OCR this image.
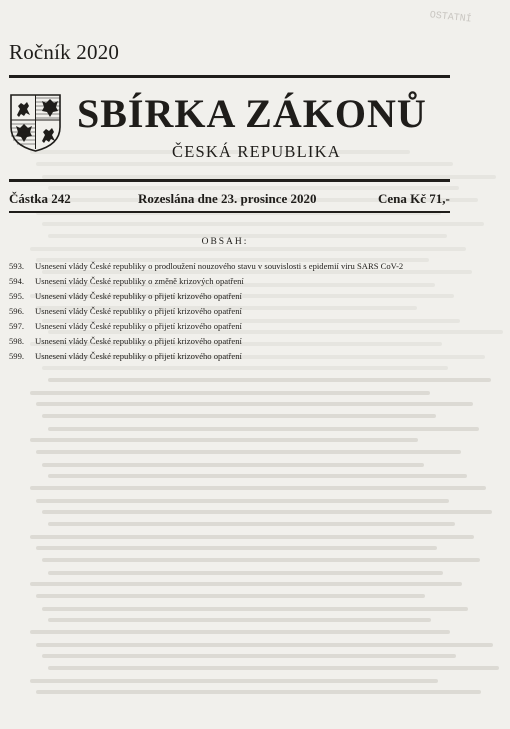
OSTATNÍ
Ročník 2020
SBÍRKA ZÁKONŮ
ČESKÁ REPUBLIKA
Částka 242	Rozeslána dne 23. prosince 2020	Cena Kč 71,-
OBSAH:
593. Usnesení vlády České republiky o prodloužení nouzového stavu v souvislosti s epidemií viru SARS CoV-2
594. Usnesení vlády České republiky o změně krizových opatření
595. Usnesení vlády České republiky o přijetí krizového opatření
596. Usnesení vlády České republiky o přijetí krizového opatření
597. Usnesení vlády České republiky o přijetí krizového opatření
598. Usnesení vlády České republiky o přijetí krizového opatření
599. Usnesení vlády České republiky o přijetí krizového opatření
